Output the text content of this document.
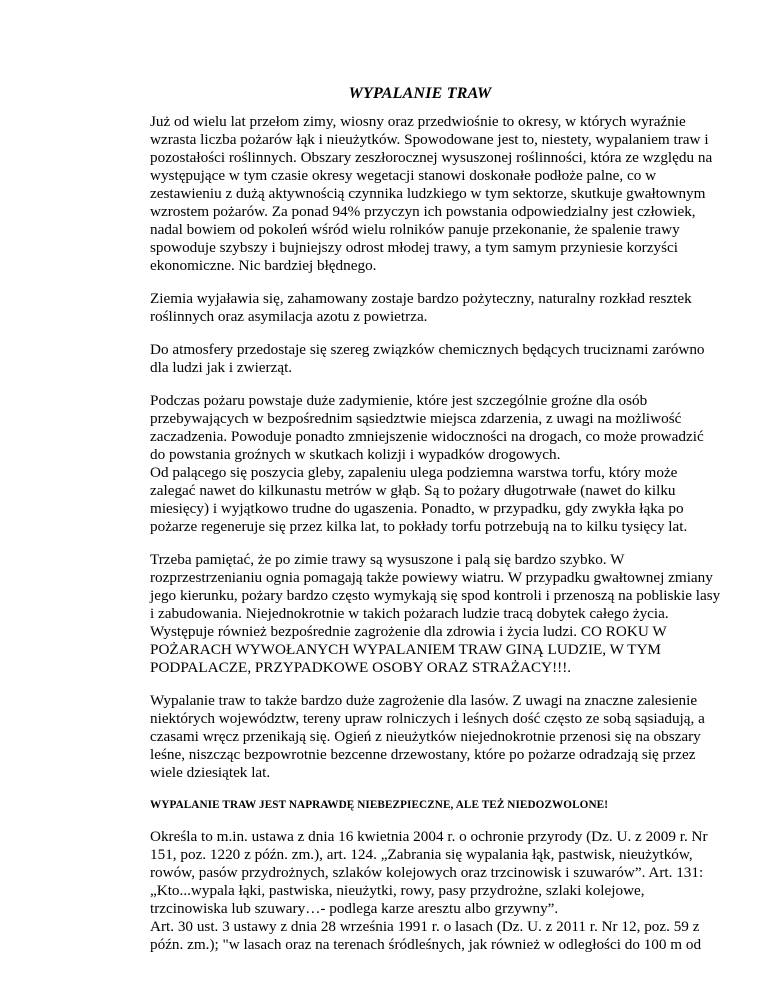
WYPALANIE TRAW

Już od wielu lat przełom zimy, wiosny oraz przedwiośnie to okresy, w których wyraźnie
wzrasta liczba pożarów łąk i nieużytków. Spowodowane jest to, niestety, wypalaniem traw i
pozostałości roślinnych. Obszary zeszłorocznej wysuszonej roślinności, która ze względu na
występujące w tym czasie okresy wegetacji stanowi doskonałe podłoże palne, co w
zestawieniu z dużą aktywnością czynnika ludzkiego w tym sektorze, skutkuje gwałtownym
wzrostem pożarów. Za ponad 94% przyczyn ich powstania odpowiedzialny jest człowiek,
nadal bowiem od pokoleń wśród wielu rolników panuje przekonanie, że spalenie trawy
spowoduje szybszy i bujniejszy odrost młodej trawy, a tym samym przyniesie korzyści
ekonomiczne. Nic bardziej błędnego.

Ziemia wyjaławia się, zahamowany zostaje bardzo pożyteczny, naturalny rozkład resztek
roślinnych oraz asymilacja azotu z powietrza.

Do atmosfery przedostaje się szereg związków chemicznych będących truciznami zarówno
dla ludzi jak i zwierząt.

Podczas pożaru powstaje duże zadymienie, które jest szczególnie groźne dla osób
przebywających w bezpośrednim sąsiedztwie miejsca zdarzenia, z uwagi na możliwość
zaczadzenia. Powoduje ponadto zmniejszenie widoczności na drogach, co może prowadzić
do powstania groźnych w skutkach kolizji i wypadków drogowych.
Od palącego się poszycia gleby, zapaleniu ulega podziemna warstwa torfu, który może
zalegać nawet do kilkunastu metrów w głąb. Są to pożary długotrwałe (nawet do kilku
miesięcy) i wyjątkowo trudne do ugaszenia. Ponadto, w przypadku, gdy zwykła łąka po
pożarze regeneruje się przez kilka lat, to pokłady torfu potrzebują na to kilku tysięcy lat.

Trzeba pamiętać, że po zimie trawy są wysuszone i palą się bardzo szybko. W
rozprzestrzenianiu ognia pomagają także powiewy wiatru. W przypadku gwałtownej zmiany
jego kierunku, pożary bardzo często wymykają się spod kontroli i przenoszą na pobliskie lasy
i zabudowania. Niejednokrotnie w takich pożarach ludzie tracą dobytek całego życia.
Występuje również bezpośrednie zagrożenie dla zdrowia i życia ludzi. CO ROKU W
POŻARACH WYWOŁANYCH WYPALANIEM TRAW GINĄ LUDZIE, W TYM
PODPALACZE, PRZYPADKOWE OSOBY ORAZ STRAŻACY!!!.

Wypalanie traw to także bardzo duże zagrożenie dla lasów. Z uwagi na znaczne zalesienie
niektórych województw, tereny upraw rolniczych i leśnych dość często ze sobą sąsiadują, a
czasami wręcz przenikają się. Ogień z nieużytków niejednokrotnie przenosi się na obszary
leśne, niszcząc bezpowrotnie bezcenne drzewostany, które po pożarze odradzają się przez
wiele dziesiątek lat.

WYPALANIE TRAW JEST NAPRAWDĘ NIEBEZPIECZNE, ALE TEŻ NIEDOZWOLONE!

Określa to m.in. ustawa z dnia 16 kwietnia 2004 r. o ochronie przyrody (Dz. U. z 2009 r. Nr
151, poz. 1220 z późn. zm.), art. 124. „Zabrania się wypalania łąk, pastwisk, nieużytków,
rowów, pasów przydrożnych, szlaków kolejowych oraz trzcinowisk i szuwarów”. Art. 131:
„Kto...wypala łąki, pastwiska, nieużytki, rowy, pasy przydrożne, szlaki kolejowe,
trzcinowiska lub szuwary…- podlega karze aresztu albo grzywny”.
Art. 30 ust. 3 ustawy z dnia 28 września 1991 r. o lasach (Dz. U. z 2011 r. Nr 12, poz. 59 z
późn. zm.); "w lasach oraz na terenach śródleśnych, jak również w odległości do 100 m od
